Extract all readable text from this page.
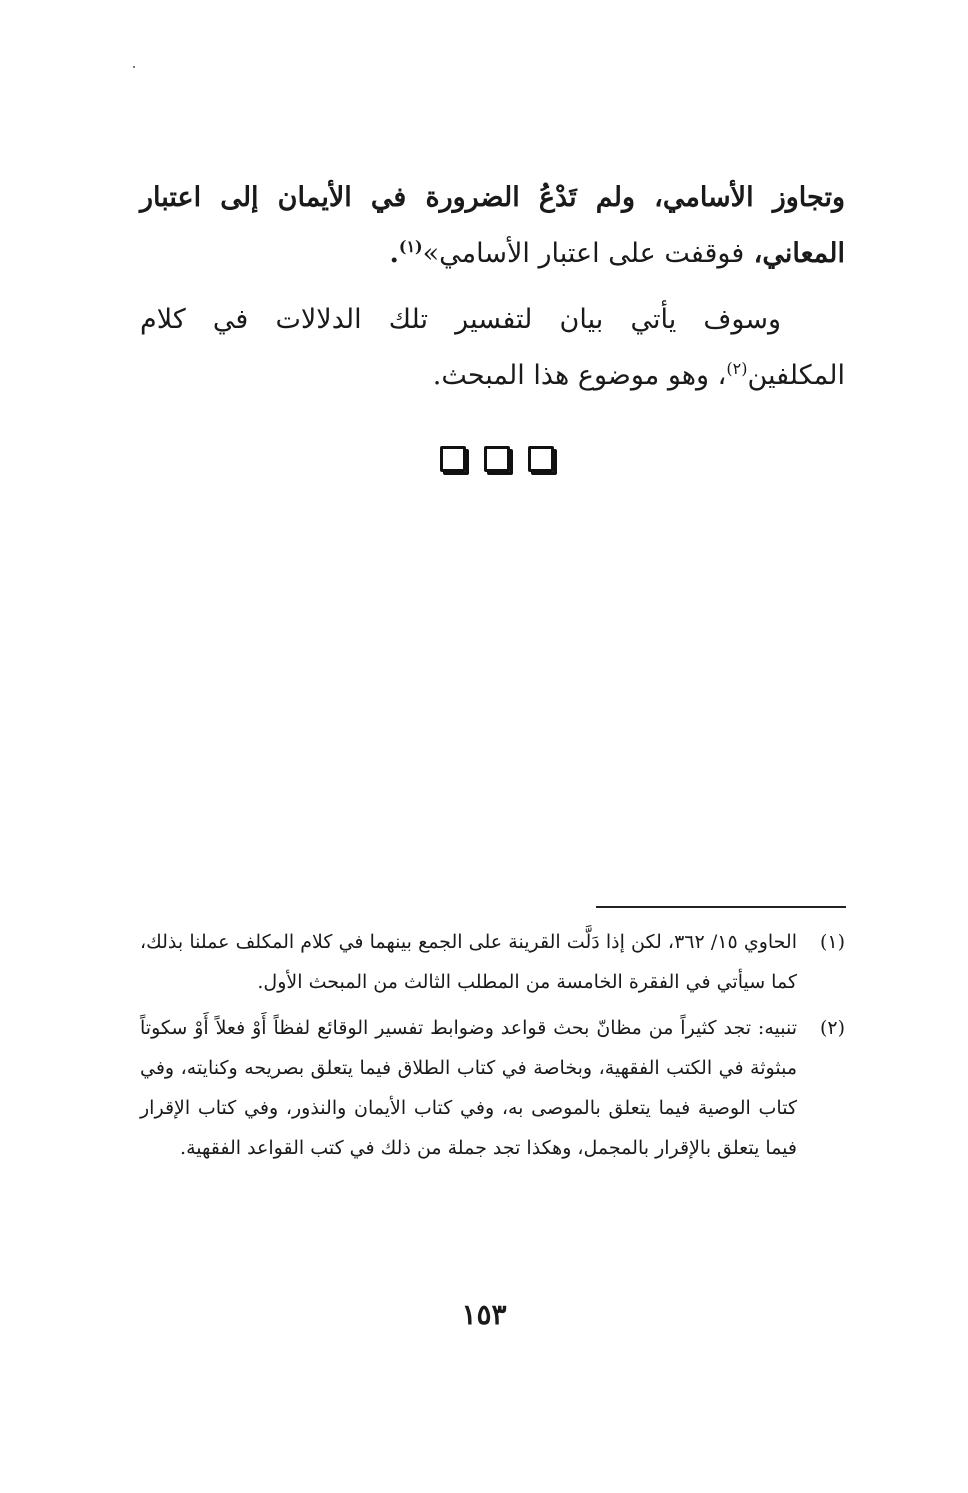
وتجاوز الأسامي، ولم تَدْعُ الضرورة في الأيمان إلى اعتبار المعاني، فوقفت على اعتبار الأسامي»$^{(١)}$.

وسوف يأتي بيان لتفسير تلك الدلالات في كلام المكلفين$^{(٢)}$، وهو موضوع هذا المبحث.

(١)
الحاوي ١٥/ ٣٦٢، لكن إذا دَلَّت القرينة على الجمع بينهما في كلام المكلف عملنا بذلك، كما سيأتي في الفقرة الخامسة من المطلب الثالث من المبحث الأول.
(٢)
تنبيه: تجد كثيراً من مظانّ بحث قواعد وضوابط تفسير الوقائع لفظاً أَوْ فعلاً أَوْ سكوتاً مبثوثة في الكتب الفقهية، وبخاصة في كتاب الطلاق فيما يتعلق بصريحه وكنايته، وفي كتاب الوصية فيما يتعلق بالموصى به، وفي كتاب الأيمان والنذور، وفي كتاب الإقرار فيما يتعلق بالإقرار بالمجمل، وهكذا تجد جملة من ذلك في كتب القواعد الفقهية.
١٥٣
